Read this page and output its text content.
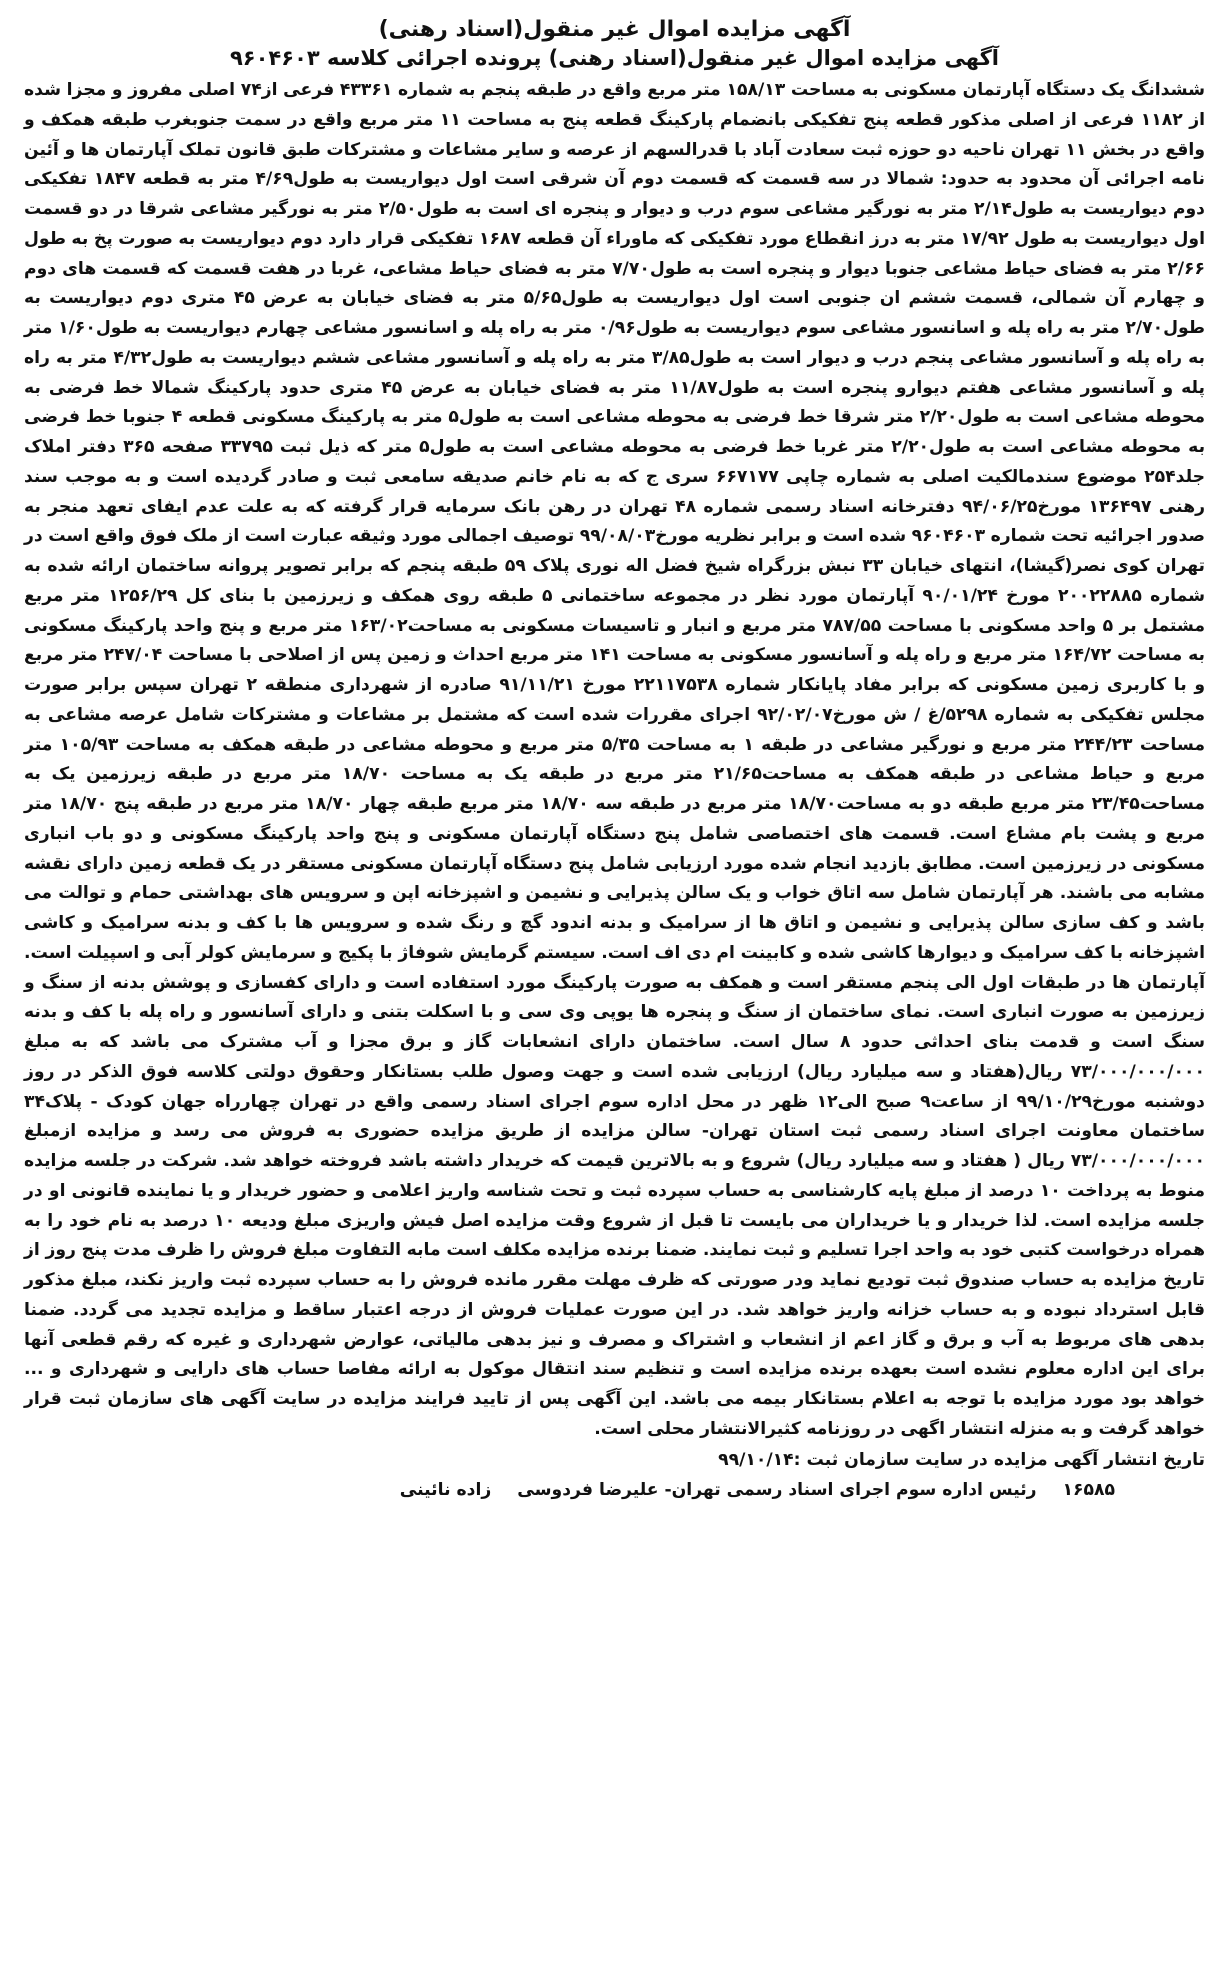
آگهی مزایده اموال غیر منقول(اسناد رهنی)
آگهی مزایده اموال غیر منقول(اسناد رهنی) پرونده اجرائی کلاسه ۹۶۰۴۶۰۳

ششدانگ یک دستگاه آپارتمان مسکونی به مساحت ۱۵۸/۱۳ متر مربع واقع در طبقه پنجم به شماره ۴۳۳۶۱ فرعی از۷۴ اصلی مفروز و مجزا شده از ۱۱۸۲ فرعی از اصلی مذکور قطعه پنج تفکیکی بانضمام پارکینگ قطعه پنج به مساحت ۱۱ متر مربع واقع در سمت جنوبغرب طبقه همکف و واقع در بخش ۱۱ تهران ناحیه دو حوزه ثبت سعادت آباد با قدرالسهم از عرصه و سایر مشاعات و مشترکات طبق قانون تملک آپارتمان ها و آئین نامه اجرائی آن محدود به حدود: شمالا در سه قسمت که قسمت دوم آن شرقی است اول دیواریست به طول۴/۶۹ متر به قطعه ۱۸۴۷ تفکیکی دوم دیواریست به طول۲/۱۴ متر به نورگیر مشاعی سوم درب و دیوار و پنجره ای است به طول۲/۵۰ متر به نورگیر مشاعی شرقا در دو قسمت اول دیواریست به طول ۱۷/۹۲ متر به درز انقطاع مورد تفکیکی که ماوراء آن قطعه ۱۶۸۷ تفکیکی قرار دارد دوم دیواریست به صورت پخ به طول ۲/۶۶ متر به فضای حیاط مشاعی جنوبا دیوار و پنجره است به طول۷/۷۰ متر به فضای حیاط مشاعی، غربا در هفت قسمت که قسمت های دوم و چهارم آن شمالی، قسمت ششم ان جنوبی است اول دیواریست به طول۵/۶۵ متر به فضای خیابان به عرض ۴۵ متری دوم دیواریست به طول۲/۷۰ متر به راه پله و اسانسور مشاعی سوم دیواریست به طول۰/۹۶ متر به راه پله و اسانسور مشاعی چهارم دیواریست به طول۱/۶۰ متر به راه پله و آسانسور مشاعی پنجم درب و دیوار است به طول۳/۸۵ متر به راه پله و آسانسور مشاعی ششم دیواریست به طول۴/۳۲ متر به راه پله و آسانسور مشاعی هفتم دیوارو پنجره است به طول۱۱/۸۷ متر به فضای خیابان به عرض ۴۵ متری حدود پارکینگ شمالا خط فرضی به محوطه مشاعی است به طول۲/۲۰ متر شرقا خط فرضی به محوطه مشاعی است به طول۵ متر به پارکینگ مسکونی قطعه ۴ جنوبا خط فرضی به محوطه مشاعی است به طول۲/۲۰ متر غربا خط فرضی به محوطه مشاعی است به طول۵ متر که ذیل ثبت ۳۳۷۹۵ صفحه ۳۶۵ دفتر املاک جلد۲۵۴ موضوع سندمالکیت اصلی به شماره چاپی ۶۶۷۱۷۷ سری ج که به نام خانم صدیقه سامعی ثبت و صادر گردیده است و به موجب سند رهنی ۱۳۶۴۹۷ مورخ۹۴/۰۶/۲۵ دفترخانه اسناد رسمی شماره ۴۸ تهران در رهن بانک سرمایه قرار گرفته که به علت عدم ایفای تعهد منجر به صدور اجرائیه تحت شماره ۹۶۰۴۶۰۳ شده است و برابر نظریه مورخ۹۹/۰۸/۰۳ توصیف اجمالی مورد وثیقه عبارت است از ملک فوق واقع است در تهران کوی نصر(گیشا)، انتهای خیابان ۳۳ نبش بزرگراه شیخ فضل اله نوری پلاک ۵۹ طبقه پنجم که برابر تصویر پروانه ساختمان ارائه شده به شماره ۲۰۰۲۲۸۸۵ مورخ ۹۰/۰۱/۲۴ آپارتمان مورد نظر در مجموعه ساختمانی ۵ طبقه روی همکف و زیرزمین با بنای کل ۱۲۵۶/۲۹ متر مربع مشتمل بر ۵ واحد مسکونی با مساحت ۷۸۷/۵۵ متر مربع و انبار و تاسیسات مسکونی به مساحت۱۶۳/۰۲ متر مربع و پنج واحد پارکینگ مسکونی به مساحت ۱۶۴/۷۲ متر مربع و راه پله و آسانسور مسکونی به مساحت ۱۴۱ متر مربع احداث و زمین پس از اصلاحی با مساحت ۲۴۷/۰۴ متر مربع و با کاربری زمین مسکونی که برابر مفاد پایانکار شماره ۲۲۱۱۷۵۳۸ مورخ ۹۱/۱۱/۲۱ صادره از شهرداری منطقه ۲ تهران سپس برابر صورت مجلس تفکیکی به شماره ۵۲۹۸/غ / ش مورخ۹۲/۰۲/۰۷ اجرای مقررات شده است که مشتمل بر مشاعات و مشترکات شامل عرصه مشاعی به مساحت ۲۴۴/۲۳ متر مربع و نورگیر مشاعی در طبقه ۱ به مساحت ۵/۳۵ متر مربع و محوطه مشاعی در طبقه همکف به مساحت ۱۰۵/۹۳ متر مربع و حیاط مشاعی در طبقه همکف به مساحت۲۱/۶۵ متر مربع در طبقه یک به مساحت ۱۸/۷۰ متر مربع در طبقه زیرزمین یک به مساحت۲۳/۴۵ متر مربع طبقه دو به مساحت۱۸/۷۰ متر مربع در طبقه سه ۱۸/۷۰ متر مربع طبقه چهار ۱۸/۷۰ متر مربع در طبقه پنج ۱۸/۷۰ متر مربع و پشت بام مشاع است. قسمت های اختصاصی شامل پنج دستگاه آپارتمان مسکونی و پنج واحد پارکینگ مسکونی و دو باب انباری مسکونی در زیرزمین است. مطابق بازدید انجام شده مورد ارزیابی شامل پنج دستگاه آپارتمان مسکونی مستقر در یک قطعه زمین دارای نقشه مشابه می باشند. هر آپارتمان شامل سه اتاق خواب و یک سالن پذیرایی و نشیمن و اشپزخانه اپن و سرویس های بهداشتی حمام و توالت می باشد و کف سازی سالن پذیرایی و نشیمن و اتاق ها از سرامیک و بدنه اندود گچ و رنگ شده و سرویس ها با کف و بدنه سرامیک و کاشی اشپزخانه با کف سرامیک و دیوارها کاشی شده و کابینت ام دی اف است. سیستم گرمایش شوفاژ با پکیج و سرمایش کولر آبی و اسپیلت است. آپارتمان ها در طبقات اول الی پنجم مستقر است و همکف به صورت پارکینگ مورد استفاده است و دارای کفسازی و پوشش بدنه از سنگ و زیرزمین به صورت انباری است. نمای ساختمان از سنگ و پنجره ها یوپی وی سی و با اسکلت بتنی و دارای آسانسور و راه پله با کف و بدنه سنگ است و قدمت بنای احداثی حدود ۸ سال است. ساختمان دارای انشعابات گاز و برق مجزا و آب مشترک می باشد که به مبلغ ۷۳/۰۰۰/۰۰۰/۰۰۰ ریال(هفتاد و سه میلیارد ریال) ارزیابی شده است و جهت وصول طلب بستانکار وحقوق دولتی کلاسه فوق الذکر در روز دوشنبه مورخ۹۹/۱۰/۲۹ از ساعت۹ صبح الی۱۲ ظهر در محل اداره سوم اجرای اسناد رسمی واقع در تهران چهارراه جهان کودک - پلاک۳۴ ساختمان معاونت اجرای اسناد رسمی ثبت استان تهران- سالن مزایده از طریق مزایده حضوری به فروش می رسد و مزایده ازمبلغ ۷۳/۰۰۰/۰۰۰/۰۰۰ ریال ( هفتاد و سه میلیارد ریال) شروع و به بالاترین قیمت که خریدار داشته باشد فروخته خواهد شد. شرکت در جلسه مزایده منوط به پرداخت ۱۰ درصد از مبلغ پایه کارشناسی به حساب سپرده ثبت و تحت شناسه واریز اعلامی و حضور خریدار و یا نماینده قانونی او در جلسه مزایده است. لذا خریدار و یا خریداران می بایست تا قبل از شروع وقت مزایده اصل فیش واریزی مبلغ ودیعه ۱۰ درصد به نام خود را به همراه درخواست کتبی خود به واحد اجرا تسلیم و ثبت نمایند. ضمنا برنده مزایده مکلف است مابه التفاوت مبلغ فروش را ظرف مدت پنج روز از تاریخ مزایده به حساب صندوق ثبت تودیع نماید ودر صورتی که ظرف مهلت مقرر مانده فروش را به حساب سپرده ثبت واریز نکند، مبلغ مذکور قابل استرداد نبوده و به حساب خزانه واریز خواهد شد. در این صورت عملیات فروش از درجه اعتبار ساقط و مزایده تجدید می گردد. ضمنا بدهی های مربوط به آب و برق و گاز اعم از انشعاب و اشتراک و مصرف و نیز بدهی مالیاتی، عوارض شهرداری و غیره که رقم قطعی آنها برای این اداره معلوم نشده است بعهده برنده مزایده است و تنظیم سند انتقال موکول به ارائه مفاصا حساب های دارایی و شهرداری و ... خواهد بود مورد مزایده با توجه به اعلام بستانکار بیمه می باشد. این آگهی پس از تایید فرایند مزایده در سایت آگهی های سازمان ثبت قرار خواهد گرفت و به منزله انتشار اگهی در روزنامه کثیرالانتشار محلی است.

تاریخ انتشار آگهی مزایده در سایت سازمان ثبت :۹۹/۱۰/۱۴

۱۶۵۸۵  رئیس اداره سوم اجرای اسناد رسمی تهران- علیرضا فردوسی  زاده نائینی
